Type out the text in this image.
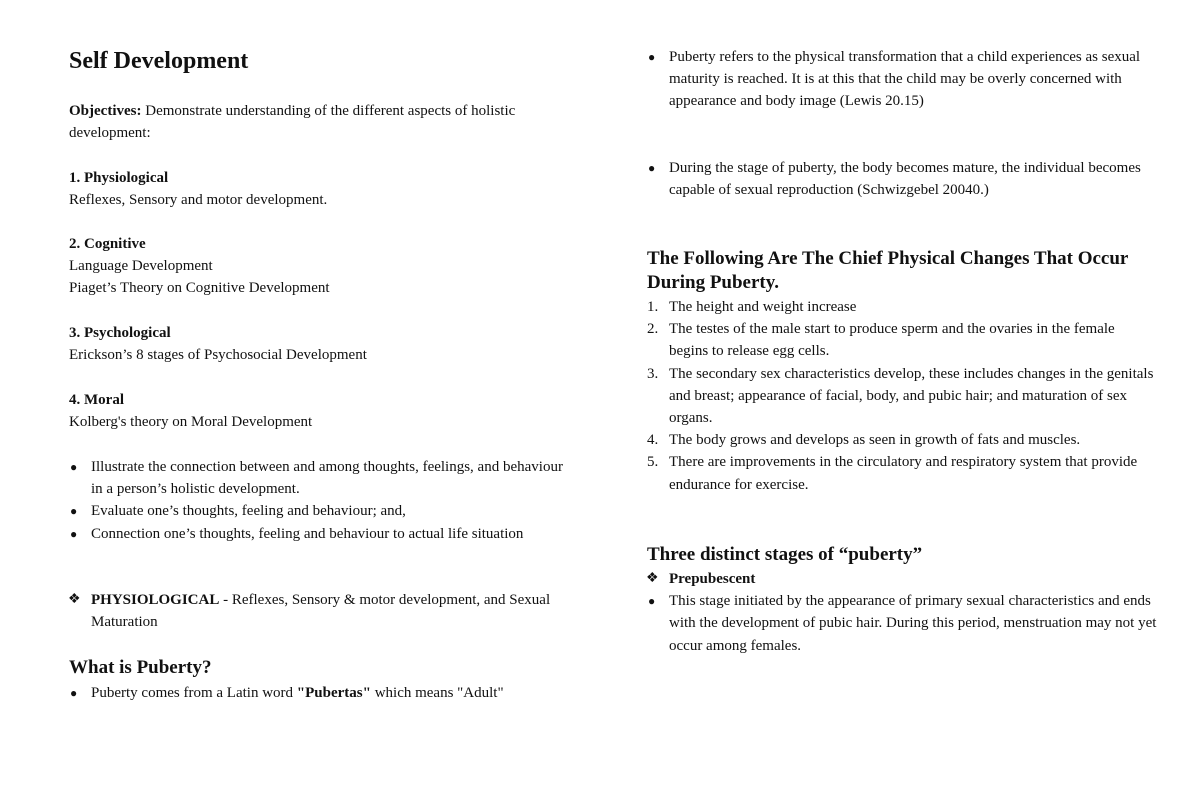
Self Development

Objectives: Demonstrate understanding of the different aspects of holistic development:

1. Physiological

Reflexes, Sensory and motor development.

2. Cognitive

Language Development

Piaget’s Theory on Cognitive Development

3. Psychological

Erickson’s 8 stages of Psychosocial Development

4. Moral

Kolberg's theory on Moral Development

● Illustrate the connection between and among thoughts, feelings, and behaviour in a person’s holistic development.
● Evaluate one’s thoughts, feeling and behaviour; and,
● Connection one’s thoughts, feeling and behaviour to actual life situation
❖ PHYSIOLOGICAL - Reflexes, Sensory & motor development, and Sexual Maturation
What is Puberty?
● Puberty comes from a Latin word "Pubertas" which means "Adult"
● Puberty refers to the physical transformation that a child experiences as sexual maturity is reached. It is at this that the child may be overly concerned with appearance and body image (Lewis 20.15)
● During the stage of puberty, the body becomes mature, the individual becomes capable of sexual reproduction (Schwizgebel 20040.)
The Following Are The Chief Physical Changes That Occur During Puberty.
1. The height and weight increase
2. The testes of the male start to produce sperm and the ovaries in the female begins to release egg cells.
3. The secondary sex characteristics develop, these includes changes in the genitals and breast; appearance of facial, body, and pubic hair; and maturation of sex organs.
4. The body grows and develops as seen in growth of fats and muscles.
5. There are improvements in the circulatory and respiratory system that provide endurance for exercise.
Three distinct stages of “puberty”
❖ Prepubescent
● This stage initiated by the appearance of primary sexual characteristics and ends with the development of pubic hair. During this period, menstruation may not yet occur among females.
